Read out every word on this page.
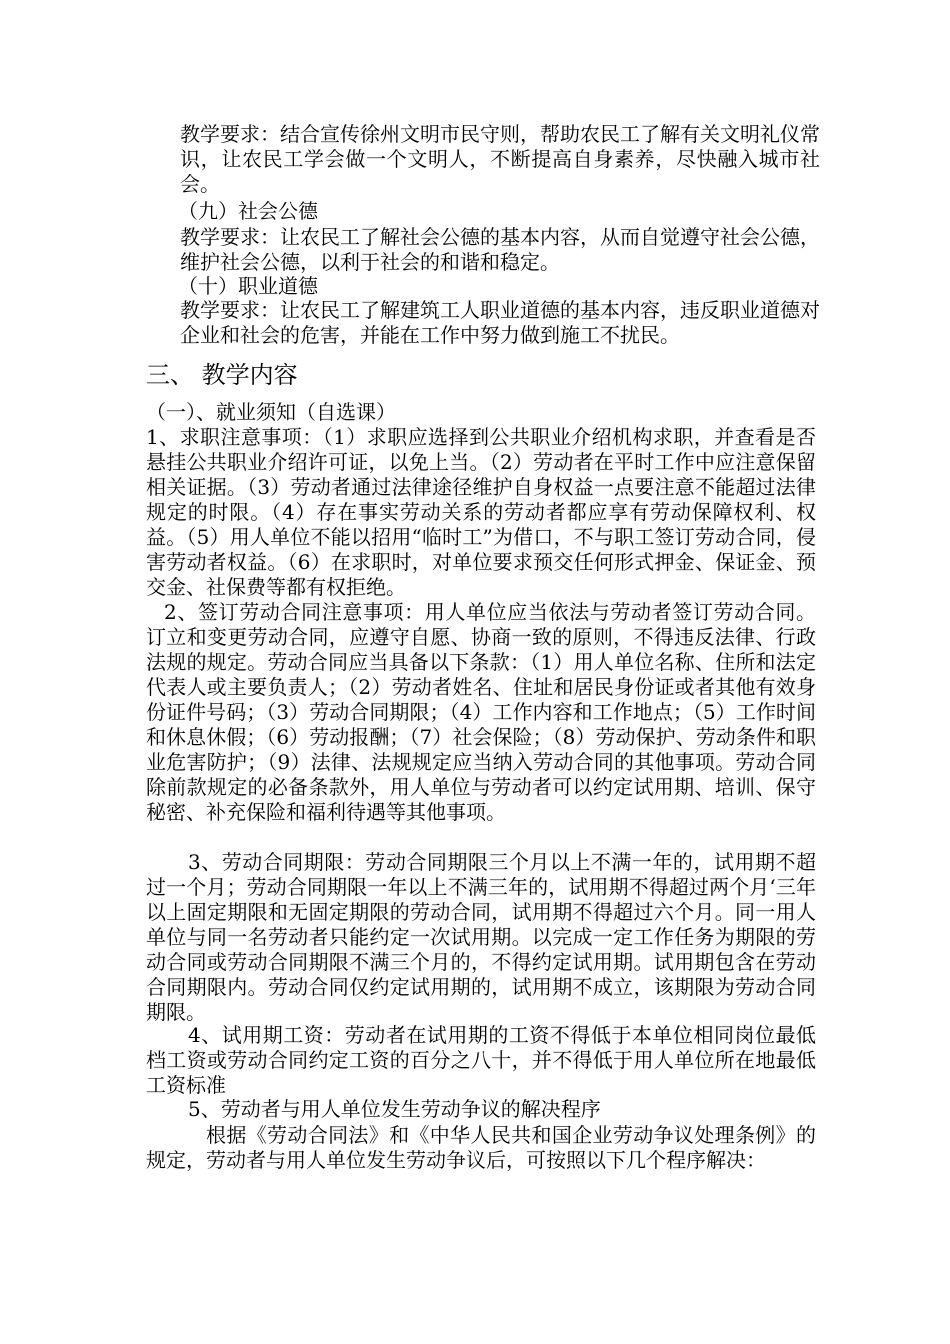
教学要求：结合宣传徐州文明市民守则，帮助农民工了解有关文明礼仪常识，让农民工学会做一个文明人，不断提高自身素养，尽快融入城市社会。

（九）社会公德

教学要求：让农民工了解社会公德的基本内容，从而自觉遵守社会公德，维护社会公德，以利于社会的和谐和稳定。

（十）职业道德

教学要求：让农民工了解建筑工人职业道德的基本内容，违反职业道德对企业和社会的危害，并能在工作中努力做到施工不扰民。

三、 教学内容

（一）、就业须知（自选课）

1、求职注意事项：（1）求职应选择到公共职业介绍机构求职，并查看是否悬挂公共职业介绍许可证，以免上当。（2）劳动者在平时工作中应注意保留相关证据。（3）劳动者通过法律途径维护自身权益一点要注意不能超过法律规定的时限。（4）存在事实劳动关系的劳动者都应享有劳动保障权利、权益。（5）用人单位不能以招用“临时工”为借口，不与职工签订劳动合同，侵害劳动者权益。（6）在求职时，对单位要求预交任何形式押金、保证金、预交金、社保费等都有权拒绝。

2、签订劳动合同注意事项：用人单位应当依法与劳动者签订劳动合同。订立和变更劳动合同，应遵守自愿、协商一致的原则，不得违反法律、行政法规的规定。劳动合同应当具备以下条款：（1）用人单位名称、住所和法定代表人或主要负责人；（2）劳动者姓名、住址和居民身份证或者其他有效身份证件号码；（3）劳动合同期限；（4）工作内容和工作地点；（5）工作时间和休息休假；（6）劳动报酬；（7）社会保险；（8）劳动保护、劳动条件和职业危害防护；（9）法律、法规规定应当纳入劳动合同的其他事项。劳动合同除前款规定的必备条款外，用人单位与劳动者可以约定试用期、培训、保守秘密、补充保险和福利待遇等其他事项。

3、劳动合同期限：劳动合同期限三个月以上不满一年的，试用期不超过一个月；劳动合同期限一年以上不满三年的，试用期不得超过两个月‘三年以上固定期限和无固定期限的劳动合同，试用期不得超过六个月。同一用人单位与同一名劳动者只能约定一次试用期。以完成一定工作任务为期限的劳动合同或劳动合同期限不满三个月的，不得约定试用期。试用期包含在劳动合同期限内。劳动合同仅约定试用期的，试用期不成立，该期限为劳动合同期限。

4、试用期工资：劳动者在试用期的工资不得低于本单位相同岗位最低档工资或劳动合同约定工资的百分之八十，并不得低于用人单位所在地最低工资标准

5、劳动者与用人单位发生劳动争议的解决程序

根据《劳动合同法》和《中华人民共和国企业劳动争议处理条例》的规定，劳动者与用人单位发生劳动争议后，可按照以下几个程序解决：
